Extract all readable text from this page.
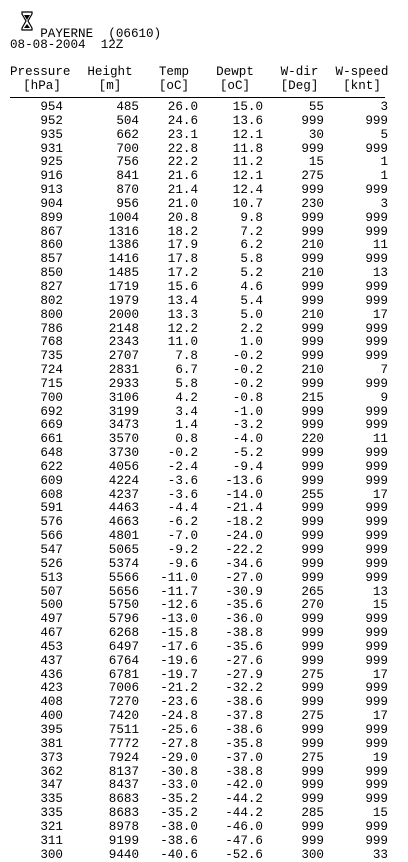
PAYERNE (06610)

08-08-2004  12Z
Pressure Height Temp Dewpt W-dir W-speed
[hPa]	[m]	[oC] [oC] [Deg] [knt]
954	485 26.0	15.0	55	3
952	504 24.6	13.6	999	999
935	662 23.1	12.1	30	5
931	700 22.8	11.8	999	999
925	756 22.2	11.2	15	1
916	841 21.6	12.1	275	1
913	870 21.4	12.4	999	999
904	956 21.0	10.7	230	3
899	1004 20.8	9.8	999	999
867	1316 18.2	7.2	999	999
860	1386 17.9	6.2	210	11
857	1416 17.8	5.8	999	999
850	1485 17.2	5.2	210	13
827	1719 15.6	4.6	999	999
802	1979 13.4	5.4	999	999
800	2000 13.3	5.0	210	17
786	2148 12.2	2.2	999	999
768	2343 11.0	1.0	999	999
735	2707	7.8	-0.2	999	999
724	2831	6.7	-0.2	210	7
715	2933	5.8	-0.2	999	999
700	3106	4.2	-0.8	215	9
692	3199	3.4	-1.0	999	999
669	3473	1.4	-3.2	999	999
661	3570	0.8	-4.0	220	11
648	3730 -0.2	-5.2	999	999
622	4056 -2.4	-9.4	999	999
609	4224 -3.6 -13.6	999	999
608	4237 -3.6 -14.0	255	17
591	4463 -4.4 -21.4	999	999
576	4663 -6.2 -18.2	999	999
566	4801 -7.0 -24.0	999	999
547	5065 -9.2 -22.2	999	999
526	5374 -9.6 -34.6	999	999
513	5566 -11.0 -27.0	999	999
507	5656 -11.7 -30.9	265	13
500	5750 -12.6 -35.6	270	15
497	5796 -13.0 -36.0	999	999
467	6268 -15.8 -38.8	999	999
453	6497 -17.6 -35.6	999	999
437	6764 -19.6 -27.6	999	999
436	6781 -19.7 -27.9	275	17
423	7006 -21.2 -32.2	999	999
408	7270 -23.6 -38.6	999	999
400	7420 -24.8 -37.8	275	17
395	7511 -25.6 -38.6	999	999
381	7772 -27.8 -35.8	999	999
373	7924 -29.0 -37.0	275	19
362	8137 -30.8 -38.8	999	999
347	8437 -33.0 -42.0	999	999
335	8683 -35.2 -44.2	999	999
335	8683 -35.2 -44.2	285	15
321	8978 -38.0 -46.0	999	999
311	9199 -38.6 -47.6	999	999
300	9440 -40.6 -52.6	300	33
